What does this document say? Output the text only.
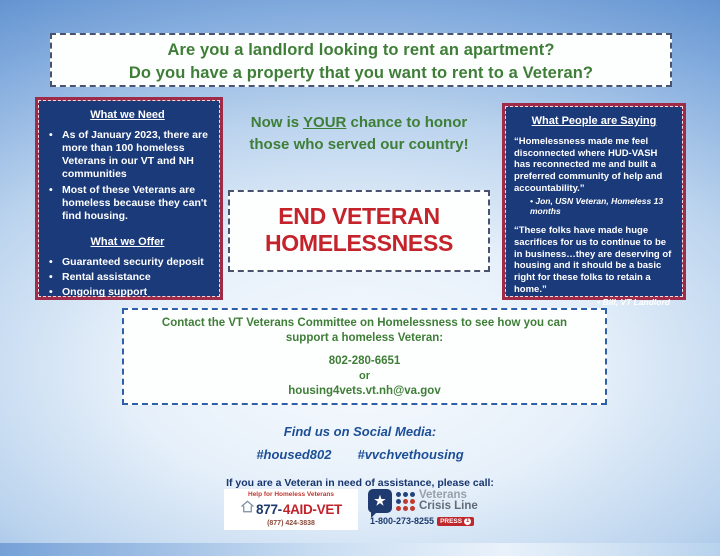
Are you a landlord looking to rent an apartment?
Do you have a property that you want to rent to a Veteran?
What we Need
• As of January 2023, there are more than 100 homeless Veterans in our VT and NH communities
• Most of these Veterans are homeless because they can't find housing.
What we Offer
• Guaranteed security deposit
• Rental assistance
• Ongoing support
Now is YOUR chance to honor those who served our country!
END VETERAN
HOMELESSNESS
What People are Saying
“Homelessness made me feel disconnected where HUD-VASH has reconnected me and built a preferred community of help and accountability.”
• Jon, USN Veteran, Homeless 13 months
“These folks have made huge sacrifices for us to continue to be in business…they are deserving of housing and it should be a basic right for these folks to retain a home.”
• Bill, VT Landlord
Contact the VT Veterans Committee on Homelessness to see how you can support a homeless Veteran:
802-280-6651
or
housing4vets.vt.nh@va.gov
Find us on Social Media:
#housed802 #vvchvethousing
If you are a Veteran in need of assistance, please call:
Help for Homeless Veterans
877- 4AID-VET
(877) 424-3838
★	Veterans
Crisis Line
1-800-273-8255 PRESS 1
